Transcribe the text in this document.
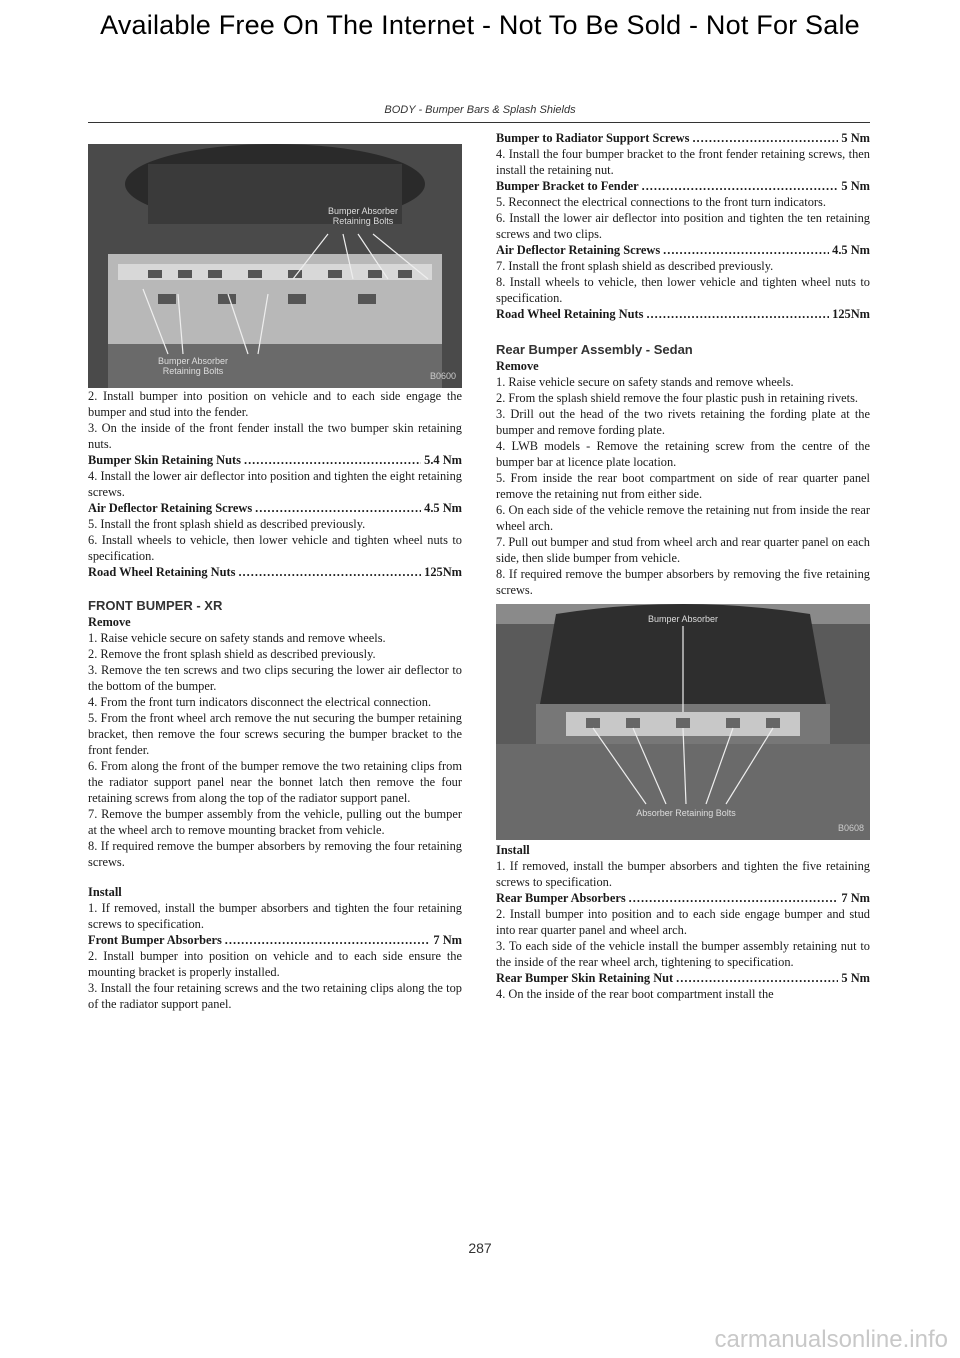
Available Free On The Internet - Not To Be Sold - Not For Sale
BODY - Bumper Bars & Splash Shields
Bumper Absorber
Retaining Bolts
Bumper Absorber
Retaining Bolts	B0600

2. Install bumper into position on vehicle and to each side engage the bumper and stud into the fender.

3. On the inside of the front fender install the two bumper skin retaining nuts.

Bumper Skin Retaining Nuts .....	5.4 Nm

4. Install the lower air deflector into position and tighten the eight retaining screws.

Air Deflector Retaining Screws .....	4.5 Nm

5. Install the front splash shield as described previously.

6. Install wheels to vehicle, then lower vehicle and tighten wheel nuts to specification.

Road Wheel Retaining Nuts .....	125Nm
FRONT BUMPER - XR
Remove

1. Raise vehicle secure on safety stands and remove wheels.

2. Remove the front splash shield as described previously.

3. Remove the ten screws and two clips securing the lower air deflector to the bottom of the bumper.

4. From the front turn indicators disconnect the electrical connection.

5. From the front wheel arch remove the nut securing the bumper retaining bracket, then remove the four screws securing the bumper bracket to the front fender.

6. From along the front of the bumper remove the two retaining clips from the radiator support panel near the bonnet latch then remove the four retaining screws from along the top of the radiator support panel.

7. Remove the bumper assembly from the vehicle, pulling out the bumper at the wheel arch to remove mounting bracket from vehicle.

8. If required remove the bumper absorbers by removing the four retaining screws.

Install

1. If removed, install the bumper absorbers and tighten the four retaining screws to specification.

Front Bumper Absorbers .....	7 Nm

2. Install bumper into position on vehicle and to each side ensure the mounting bracket is properly installed.

3. Install the four retaining screws and the two retaining clips along the top of the radiator support panel.

Bumper to Radiator Support Screws .....	5 Nm

4. Install the four bumper bracket to the front fender retaining screws, then install the retaining nut.

Bumper Bracket to Fender .....	5 Nm

5. Reconnect the electrical connections to the front turn indicators.

6. Install the lower air deflector into position and tighten the ten retaining screws and two clips.

Air Deflector Retaining Screws .....	4.5 Nm

7. Install the front splash shield as described previously.

8. Install wheels to vehicle, then lower vehicle and tighten wheel nuts to specification.

Road Wheel Retaining Nuts .....	125Nm
Rear Bumper Assembly - Sedan
Remove

1. Raise vehicle secure on safety stands and remove wheels.

2. From the splash shield remove the four plastic push in retaining rivets.

3. Drill out the head of the two rivets retaining the fording plate at the bumper and remove fording plate.

4. LWB models - Remove the retaining screw from the centre of the bumper bar at licence plate location.

5. From inside the rear boot compartment on side of rear quarter panel remove the retaining nut from either side.

6. On each side of the vehicle remove the retaining nut from inside the rear wheel arch.

7. Pull out bumper and stud from wheel arch and rear quarter panel on each side, then slide bumper from vehicle.

8. If required remove the bumper absorbers by removing the five retaining screws.

Bumper Absorber
Absorber Retaining Bolts
B0608
Install

1. If removed, install the bumper absorbers and tighten the five retaining screws to specification.

Rear Bumper Absorbers .....	7 Nm

2. Install bumper into position and to each side engage bumper and stud into rear quarter panel and wheel arch.

3. To each side of the vehicle install the bumper assembly retaining nut to the inside of the rear wheel arch, tightening to specification.

Rear Bumper Skin Retaining Nut .....	5 Nm

4. On the inside of the rear boot compartment install the

287
carmanualsonline.info
